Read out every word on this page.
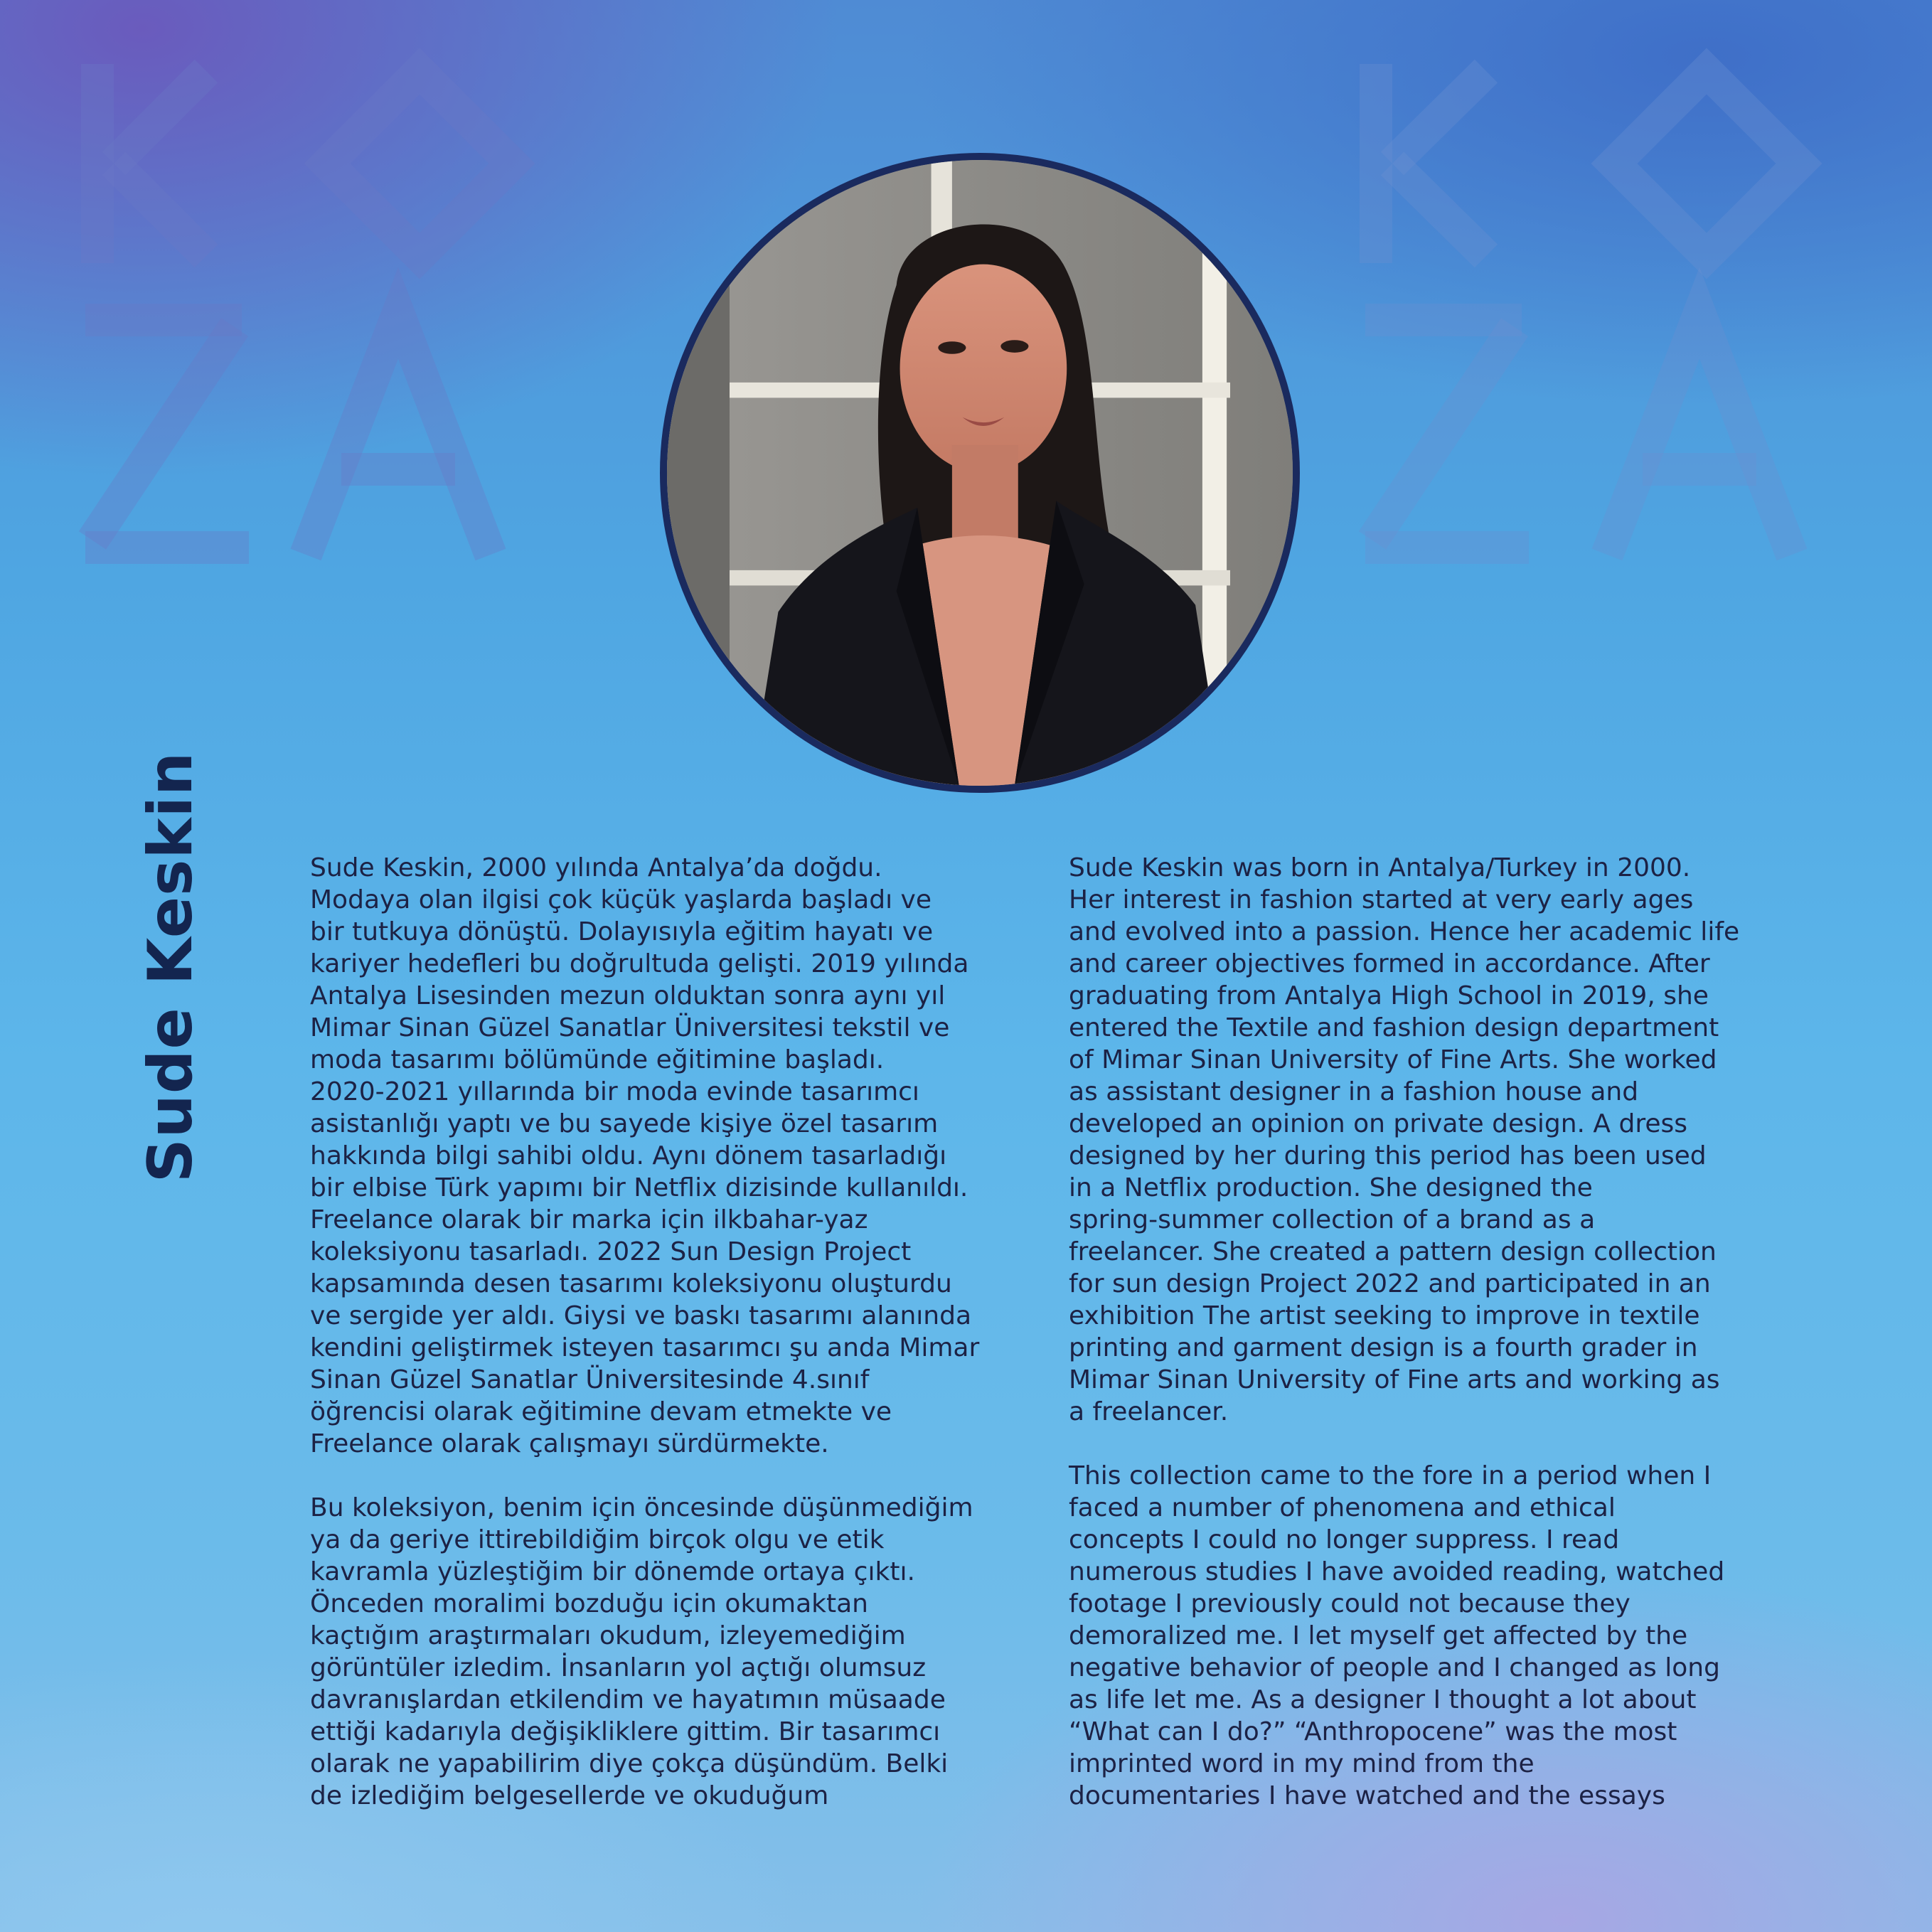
Sude Keskin	Sude Keskin, 2000 yılında Antalya’da doğdu.

Modaya olan ilgisi çok küçük yaşlarda başladı ve

bir tutkuya dönüştü. Dolayısıyla eğitim hayatı ve

kariyer hedefleri bu doğrultuda gelişti. 2019 yılında

Antalya Lisesinden mezun olduktan sonra aynı yıl

Mimar Sinan Güzel Sanatlar Üniversitesi tekstil ve

moda tasarımı bölümünde eğitimine başladı.

2020-2021 yıllarında bir moda evinde tasarımcı

asistanlığı yaptı ve bu sayede kişiye özel tasarım

hakkında bilgi sahibi oldu. Aynı dönem tasarladığı

bir elbise Türk yapımı bir Netflix dizisinde kullanıldı.

Freelance olarak bir marka için ilkbahar-yaz

koleksiyonu tasarladı. 2022 Sun Design Project

kapsamında desen tasarımı koleksiyonu oluşturdu

ve sergide yer aldı. Giysi ve baskı tasarımı alanında

kendini geliştirmek isteyen tasarımcı şu anda Mimar

Sinan Güzel Sanatlar Üniversitesinde 4.sınıf

öğrencisi olarak eğitimine devam etmekte ve

Freelance olarak çalışmayı sürdürmekte.

Bu koleksiyon, benim için öncesinde düşünmediğim

ya da geriye ittirebildiğim birçok olgu ve etik

kavramla yüzleştiğim bir dönemde ortaya çıktı.

Önceden moralimi bozduğu için okumaktan

kaçtığım araştırmaları okudum, izleyemediğim

görüntüler izledim. İnsanların yol açtığı olumsuz

davranışlardan etkilendim ve hayatımın müsaade

ettiği kadarıyla değişikliklere gittim. Bir tasarımcı

olarak ne yapabilirim diye çokça düşündüm. Belki

de izlediğim belgesellerde ve okuduğum

Sude Keskin was born in Antalya/Turkey in 2000.

Her interest in fashion started at very early ages

and evolved into a passion. Hence her academic life

and career objectives formed in accordance. After

graduating from Antalya High School in 2019, she

entered the Textile and fashion design department

of Mimar Sinan University of Fine Arts. She worked

as assistant designer in a fashion house and

developed an opinion on private design. A dress

designed by her during this period has been used

in a Netflix production. She designed the

spring-summer collection of a brand as a

freelancer. She created a pattern design collection

for sun design Project 2022 and participated in an

exhibition The artist seeking to improve in textile

printing and garment design is a fourth grader in

Mimar Sinan University of Fine arts and working as

a freelancer.

This collection came to the fore in a period when I

faced a number of phenomena and ethical

concepts I could no longer suppress. I read

numerous studies I have avoided reading, watched

footage I previously could not because they

demoralized me. I let myself get affected by the

negative behavior of people and I changed as long

as life let me. As a designer I thought a lot about

“What can I do?” “Anthropocene” was the most

imprinted word in my mind from the

documentaries I have watched and the essays
